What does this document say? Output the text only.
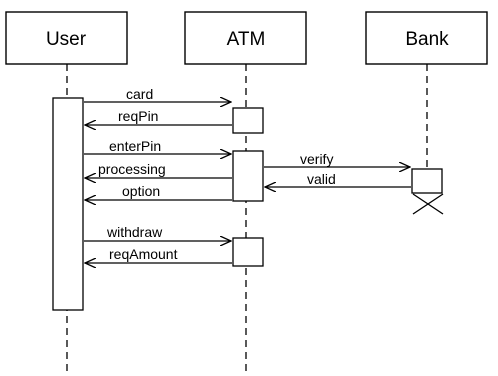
User	ATM	Bank
card
reqPin
enterPin
processing
verify
valid
option
withdraw
reqAmount
